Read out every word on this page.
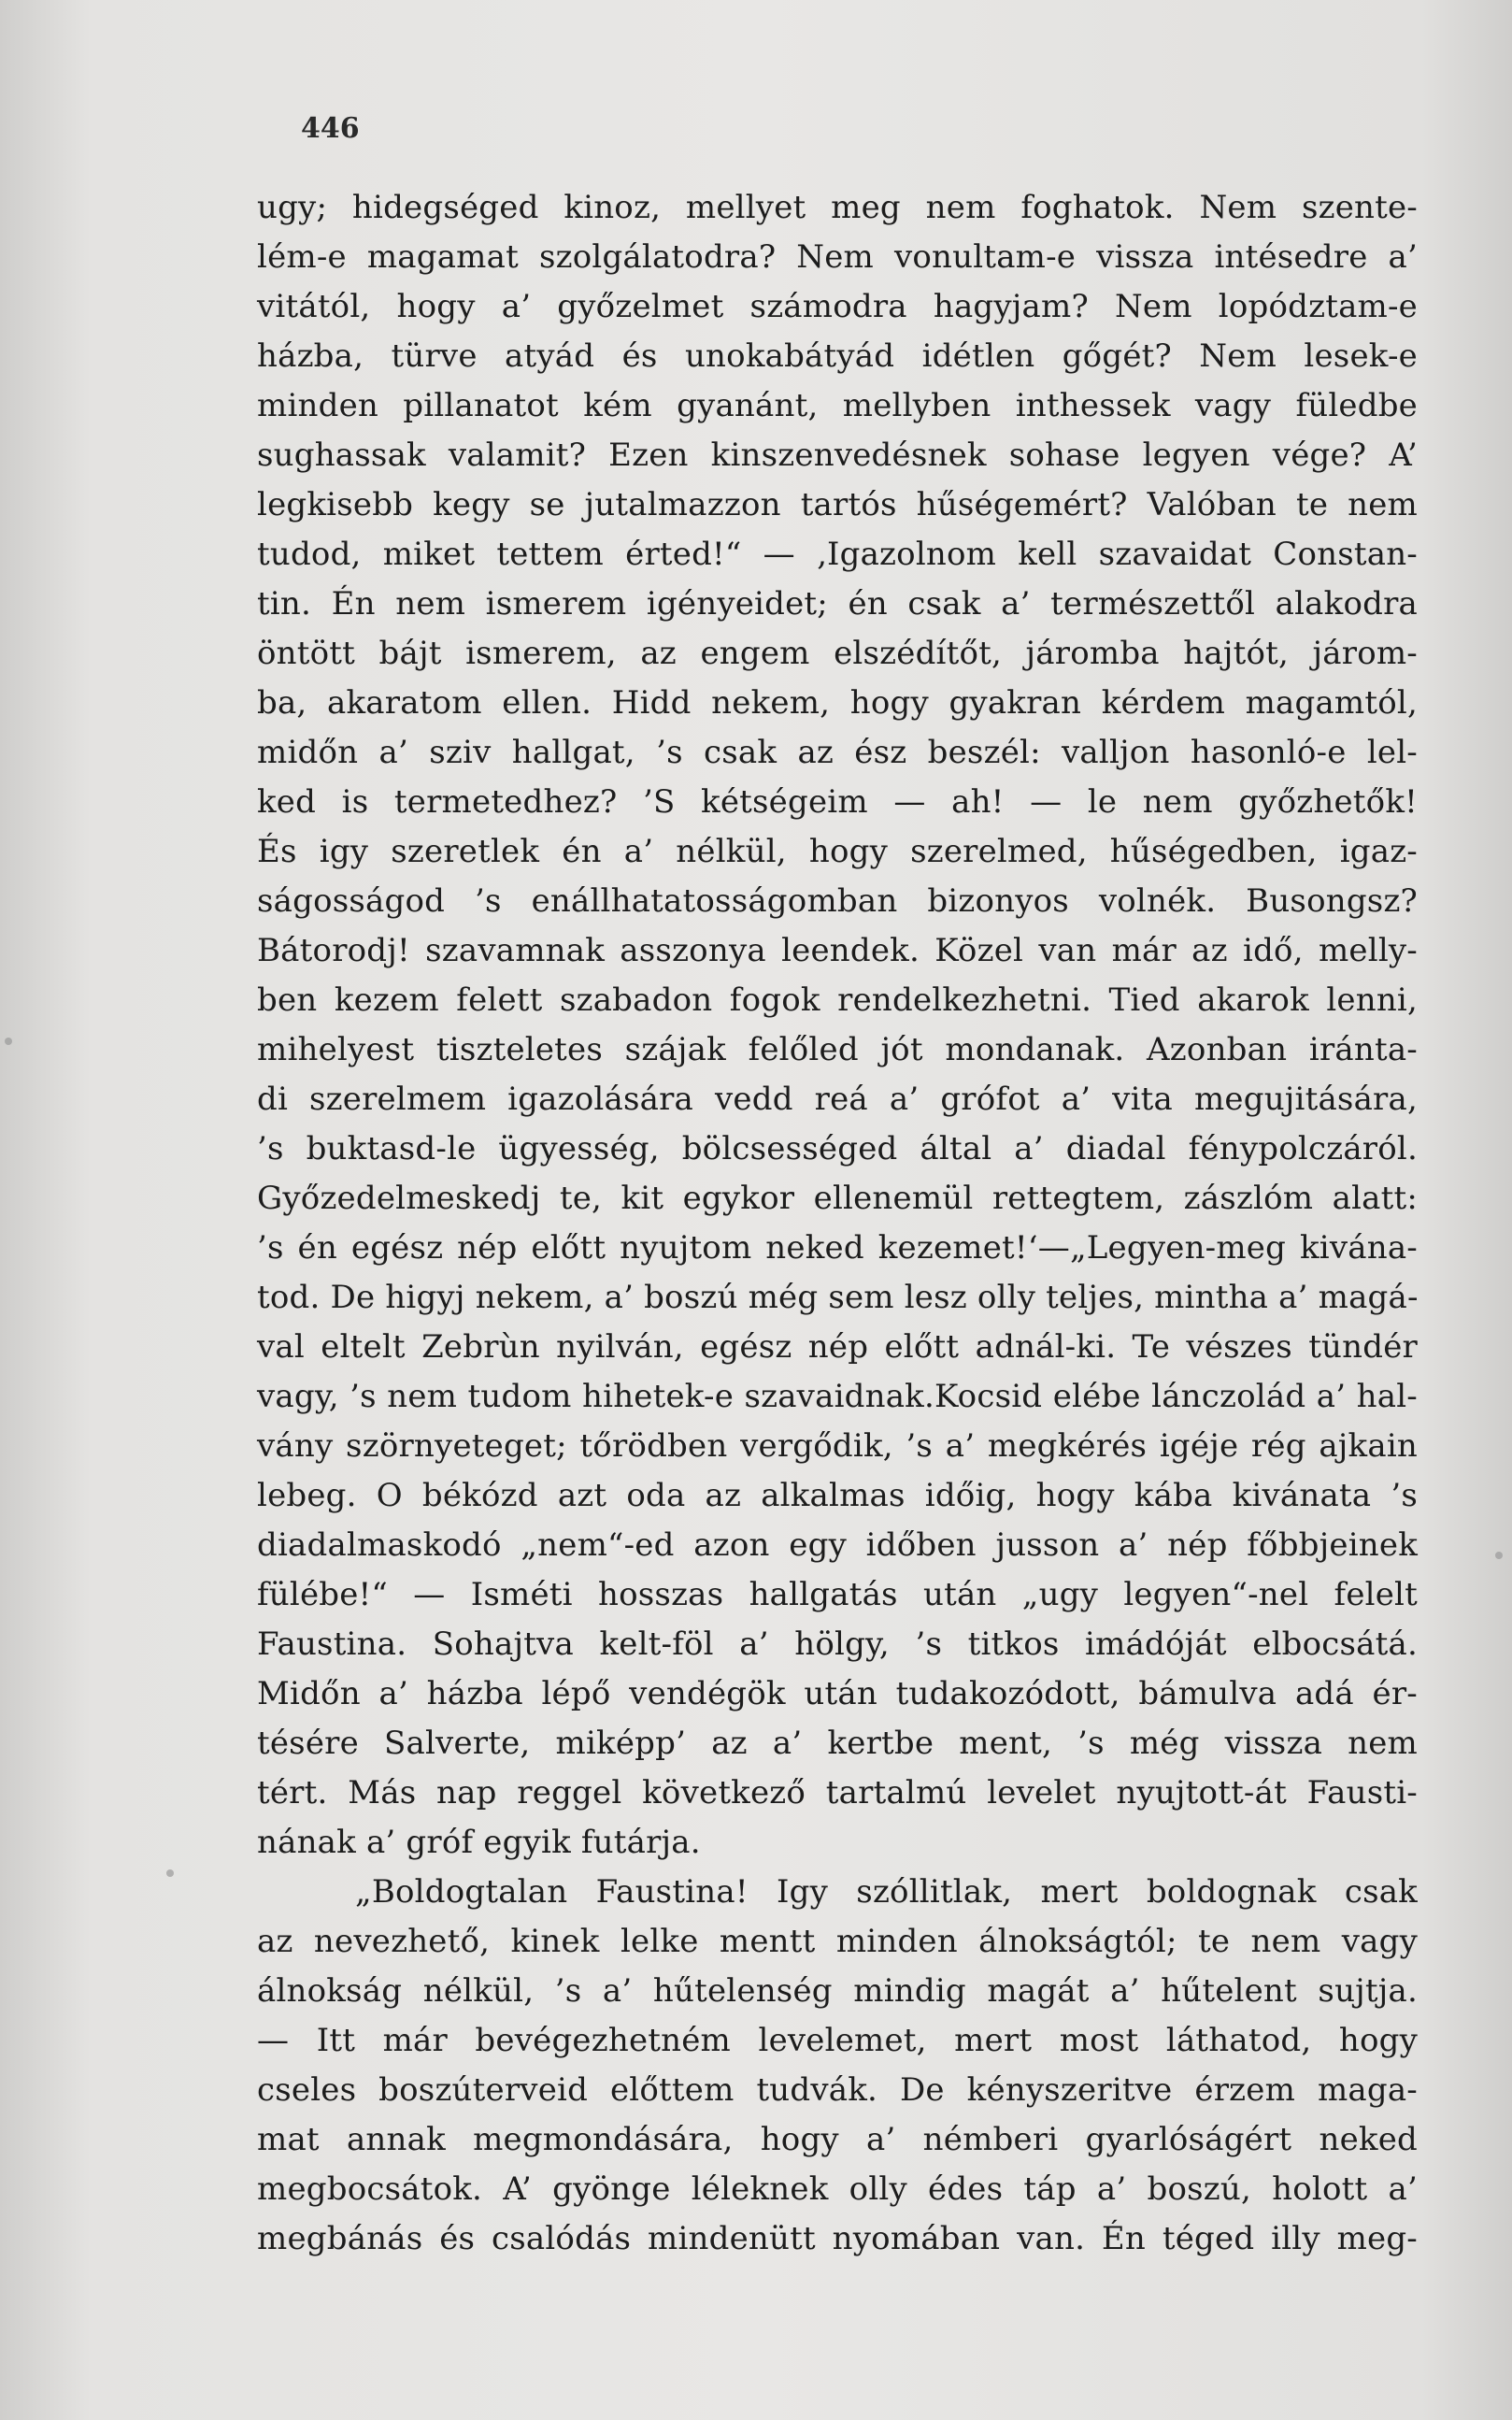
446
ugy; hidegséged kinoz, mellyet meg nem foghatok. Nem szente-
lém-e magamat szolgálatodra? Nem vonultam-e vissza intésedre a’
vitától, hogy a’ győzelmet számodra hagyjam? Nem lopództam-e
házba, türve atyád és unokabátyád idétlen gőgét? Nem lesek-e
minden pillanatot kém gyanánt, mellyben inthessek vagy füledbe
sughassak valamit? Ezen kinszenvedésnek sohase legyen vége? A’
legkisebb kegy se jutalmazzon tartós hűségemért? Valóban te nem
tudod, miket tettem érted!“ — ‚Igazolnom kell szavaidat Constan-
tin. Én nem ismerem igényeidet; én csak a’ természettől alakodra
öntött bájt ismerem, az engem elszédítőt, járomba hajtót, járom-
ba, akaratom ellen. Hidd nekem, hogy gyakran kérdem magamtól,
midőn a’ sziv hallgat, ’s csak az ész beszél: valljon hasonló-e lel-
ked is termetedhez? ’S kétségeim — ah! — le nem győzhetők!
És igy szeretlek én a’ nélkül, hogy szerelmed, hűségedben, igaz-
ságosságod ’s enállhatatosságomban bizonyos volnék. Busongsz?
Bátorodj! szavamnak asszonya leendek. Közel van már az idő, melly-
ben kezem felett szabadon fogok rendelkezhetni. Tied akarok lenni,
mihelyest tiszteletes szájak felőled jót mondanak. Azonban iránta-
di szerelmem igazolására vedd reá a’ grófot a’ vita megujitására,
’s buktasd-le ügyesség, bölcsességed által a’ diadal fénypolczáról.
Győzedelmeskedj te, kit egykor ellenemül rettegtem, zászlóm alatt:
’s én egész nép előtt nyujtom neked kezemet!‘—„Legyen-meg kivána-
tod. De higyj nekem, a’ boszú még sem lesz olly teljes, mintha a’ magá-
val eltelt Zebrùn nyilván, egész nép előtt adnál-ki. Te vészes tündér
vagy, ’s nem tudom hihetek-e szavaidnak.Kocsid elébe lánczolád a’ hal-
vány szörnyeteget; tőrödben vergődik, ’s a’ megkérés igéje rég ajkain
lebeg. O békózd azt oda az alkalmas időig, hogy kába kivánata ’s
diadalmaskodó „nem“-ed azon egy időben jusson a’ nép főbbjeinek
fülébe!“ — Isméti hosszas hallgatás után „ugy legyen“-nel felelt
Faustina. Sohajtva kelt-föl a’ hölgy, ’s titkos imádóját elbocsátá.
Midőn a’ házba lépő vendégök után tudakozódott, bámulva adá ér-
tésére Salverte, miképp’ az a’ kertbe ment, ’s még vissza nem
tért. Más nap reggel következő tartalmú levelet nyujtott-át Fausti-
nának a’ gróf egyik futárja.
„Boldogtalan Faustina! Igy szóllitlak, mert boldognak csak
az nevezhető, kinek lelke mentt minden álnokságtól; te nem vagy
álnokság nélkül, ’s a’ hűtelenség mindig magát a’ hűtelent sujtja.
— Itt már bevégezhetném levelemet, mert most láthatod, hogy
cseles boszúterveid előttem tudvák. De kényszeritve érzem maga-
mat annak megmondására, hogy a’ némberi gyarlóságért neked
megbocsátok. A’ gyönge léleknek olly édes táp a’ boszú, holott a’
megbánás és csalódás mindenütt nyomában van. Én téged illy meg-
